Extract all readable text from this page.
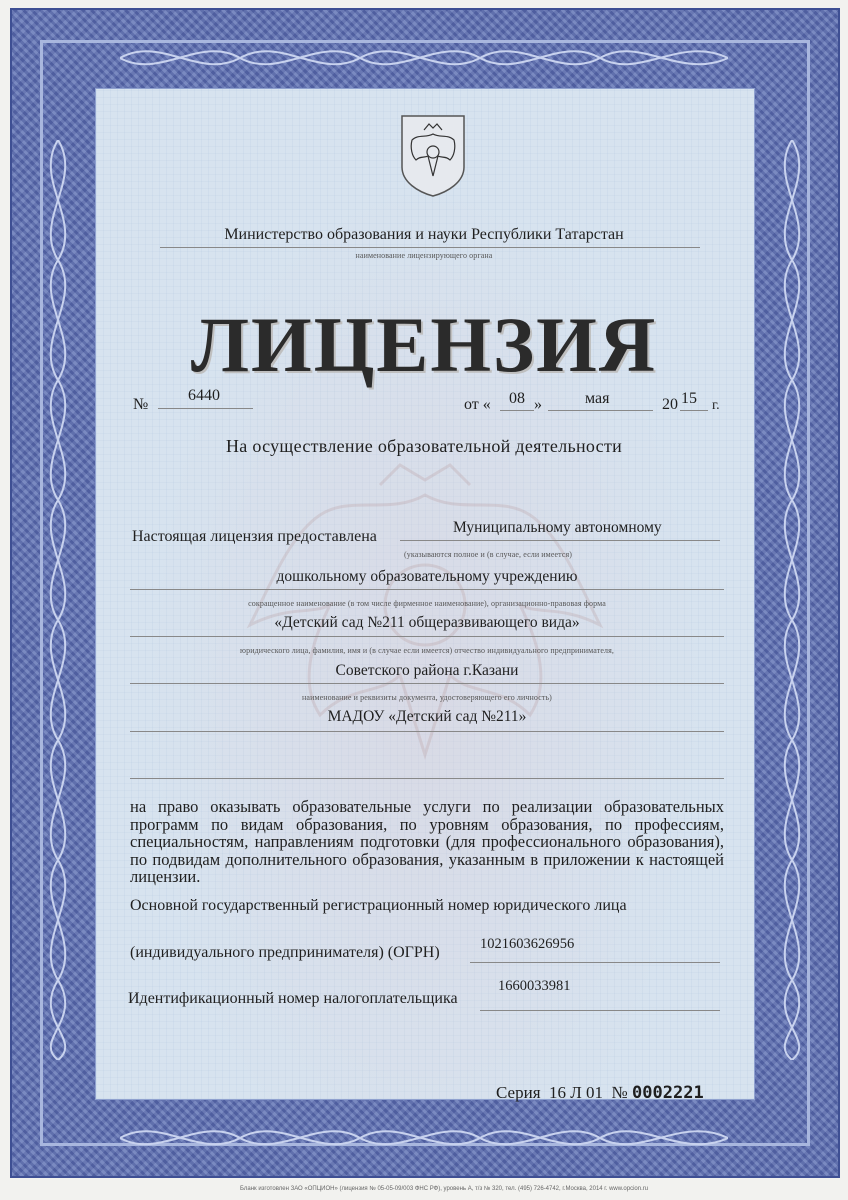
Министерство образования и науки Республики Татарстан
наименование лицензирующего органа
ЛИЦЕНЗИЯ
№
6440
от « 08 »	мая	20 15 г.
На осуществление образовательной деятельности
Настоящая лицензия предоставлена
Муниципальному автономному
(указываются полное и (в случае, если имеется)
дошкольному образовательному учреждению
сокращенное наименование (в том числе фирменное наименование), организационно-правовая форма
«Детский сад №211 общеразвивающего вида»
юридического лица, фамилия, имя и (в случае если имеется) отчество индивидуального предпринимателя,
Советского района г.Казани
наименование и реквизиты документа, удостоверяющего его личность)
МАДОУ «Детский сад №211»
на право оказывать образовательные услуги по реализации образовательных программ по видам образования, по уровням образования, по профессиям, специальностям, направлениям подготовки (для профессионального образования), по подвидам дополнительного образования, указанным в приложении к настоящей лицензии.
Основной государственный регистрационный номер юридического лица
(индивидуального предпринимателя) (ОГРН)	1021603626956
Идентификационный номер налогоплательщика
1660033981
Серия 16 Л 01 № 0002221
Бланк изготовлен ЗАО «ОПЦИОН» (лицензия № 05-05-09/003 ФНС РФ), уровень А, т/з № 320, тел. (495) 726-4742, г.Москва, 2014 г. www.opcion.ru
